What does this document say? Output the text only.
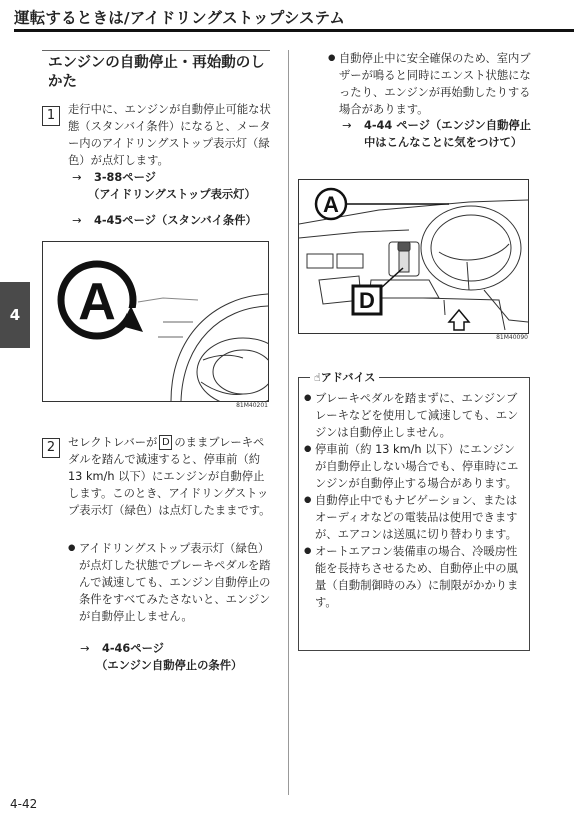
運転するときは/アイドリングストップシステム
4
エンジンの自動停止・再始動のしかた
1	走行中に、エンジンが自動停止可能な状態（スタンバイ条件）になると、メーター内のアイドリングストップ表示灯（緑色）が点灯します。
→ 3-88ページ
（アイドリングストップ表示灯）
→ 4-45ページ（スタンバイ条件）
A
81M40201
2	セレクトレバーが D のままブレーキペダルを踏んで減速すると、停車前（約 13 km/h 以下）にエンジンが自動停止します。このとき、アイドリングストップ表示灯（緑色）は点灯したままです。
● アイドリングストップ表示灯（緑色）が点灯した状態でブレーキペダルを踏んで減速しても、エンジン自動停止の条件をすべてみたさないと、エンジンが自動停止しません。
→ 4-46ページ
（エンジン自動停止の条件）
● 自動停止中に安全確保のため、室内ブザーが鳴ると同時にエンスト状態になったり、エンジンが再始動したりする場合があります。
→	4-44 ページ（エンジン自動停止中はこんなことに気をつけて）
A
D
81M40090
☝アドバイス
● ブレーキペダルを踏まずに、エンジンブレーキなどを使用して減速しても、エンジンは自動停止しません。
● 停車前（約 13 km/h 以下）にエンジンが自動停止しない場合でも、停車時にエンジンが自動停止する場合があります。
● 自動停止中でもナビゲーション、またはオーディオなどの電装品は使用できますが、エアコンは送風に切り替わります。
● オートエアコン装備車の場合、冷暖房性能を長持ちさせるため、自動停止中の風量（自動制御時のみ）に制限がかかります。
4-42
